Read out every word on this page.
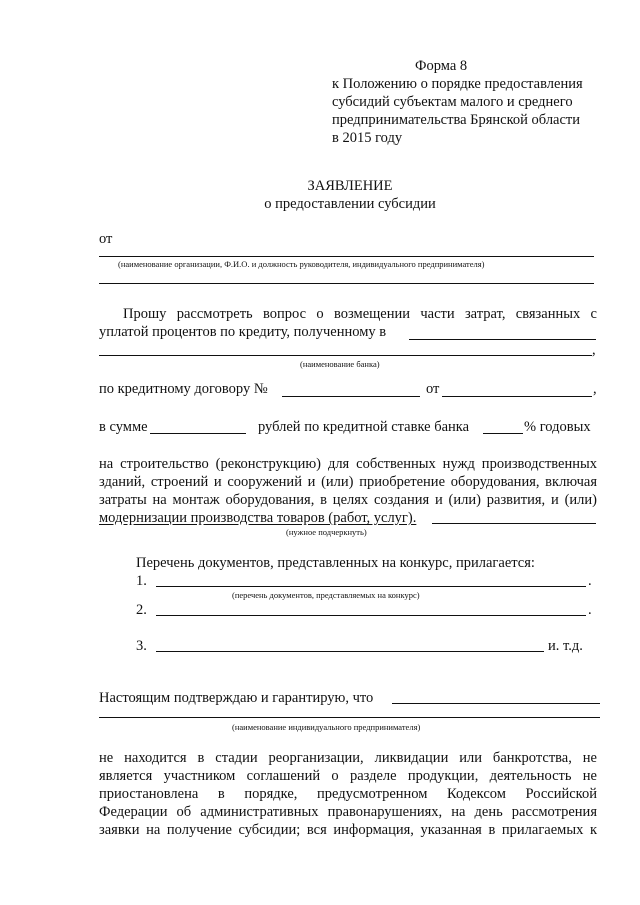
Форма 8
к Положению о порядке предоставления
субсидий субъектам малого и среднего
предпринимательства Брянской области
в 2015 году
ЗАЯВЛЕНИЕ
о предоставлении субсидии
от
(наименование организации, Ф.И.О. и должность руководителя, индивидуального предпринимателя)
Прошу рассмотреть вопрос о возмещении части затрат, связанных с
уплатой процентов по кредиту, полученному в
,
(наименование банка)
по кредитному договору №	от	,
в сумме	рублей по кредитной ставке банка	% годовых
на строительство (реконструкцию) для собственных нужд производственных
зданий, строений и сооружений и (или) приобретение оборудования, включая
затраты на монтаж оборудования, в целях создания и (или) развития, и (или)
модернизации производства товаров (работ, услуг).
(нужное подчеркнуть)
Перечень документов, представленных на конкурс, прилагается:
1.	.
(перечень документов, представляемых на конкурс)
2.	.
3.	и. т.д.
Настоящим подтверждаю и гарантирую, что
(наименование индивидуального предпринимателя)
не находится в стадии реорганизации, ликвидации или банкротства, не
является участником соглашений о разделе продукции, деятельность не
приостановлена в порядке, предусмотренном Кодексом Российской
Федерации об административных правонарушениях, на день рассмотрения
заявки на получение субсидии; вся информация, указанная в прилагаемых к
